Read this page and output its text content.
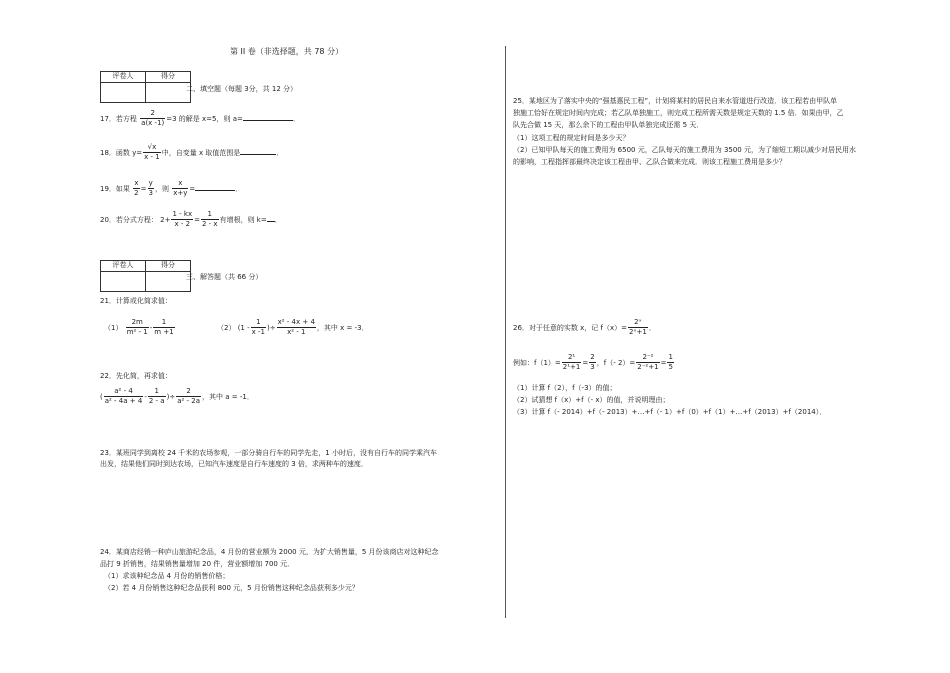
第 II 卷（非选择题，共 78 分）
评卷人	得分

二、填空题（每题 3分，共 12 分）
17．若方程 $\frac{2}{a(x -1)} =3$ 的解是 x=5，则 a=	．
18．函数 $y= \frac{√x}{x - 1}$ 中，自变量 x 取值范围是	．
19．如果 $\frac{x}{2} = \frac{y}{3}$ ，则 $\frac{x}{x+y}$ =	．
20．若分式方程： $2+ \frac{1 - kx}{x - 2} = \frac{1}{2 - x}$ 有增根，则 k= ．
评卷人	得分

三、解答题（共 66 分）
21．计算或化简求值：
$(1) \frac{2m}{\text{m² - 1}} - \frac{1}{m +1}$	（2） ($1 - \frac{1}{x -1}$ )÷ $\frac{\text{x² - 4x + 4}}{\text{x² - 1}}$ ，其中 x = -3．
22．先化简，再求值：
( $\frac{\text{a² - 4}}{\text{a² - 4a + 4}} - \frac{1}{2 - a}$ )÷ $\frac{2}{\text{a² - 2a}}$ ，其中 a = -1．
23．某班同学到离校 24 千米的农场参观，一部分骑自行车的同学先走，1 小时后，没有自行车的同学乘汽车
出发，结果他们同时到达农场，已知汽车速度是自行车速度的 3 倍，求两种车的速度．
24．某商店经销一种庐山旅游纪念品，4 月份的营业额为 2000 元，为扩大销售量，5 月份该商店对这种纪念
品打 9 折销售，结果销售量增加 20 件，营业额增加 700 元．
（1）求该种纪念品 4 月份的销售价格；
（2）若 4 月份销售这种纪念品获利 800 元，5 月份销售这种纪念品获利多少元？
25．某地区为了落实中央的“强基惠民工程”，计划将某村的居民自来水管道进行改造．该工程若由甲队单
独施工恰好在规定时间内完成；若乙队单独施工，则完成工程所需天数是规定天数的 1.5 倍．如果由甲，乙
队先合做 15 天，那么余下的工程由甲队单独完成还需 5 天．
（1）这项工程的规定时间是多少天？
（2）已知甲队每天的施工费用为 6500 元，乙队每天的施工费用为 3500 元，为了缩短工期以减少对居民用水
的影响，工程指挥部最终决定该工程由甲、乙队合做来完成．则该工程施工费用是多少？
26．对于任意的实数 x，记 $f(x)= \frac{\text{2ˣ}}{\text{2ˣ+1}}$ ．
例如：$f(1)= \frac{\text{2¹}}{\text{2¹+1}} = \frac{2}{3}$ ，f（- $2)= \frac{\text{2⁻²}}{\text{2⁻²+1}} = \frac{1}{5}$
（1）计算 f（2），f（-3）的值；
（2）试猜想 f（x）+f（- x）的值，并说明理由；
（3）计算 f（- 2014）+f（- 2013）+…+f（- 1）+f（0）+f（1）+…+f（2013）+f（2014）．
